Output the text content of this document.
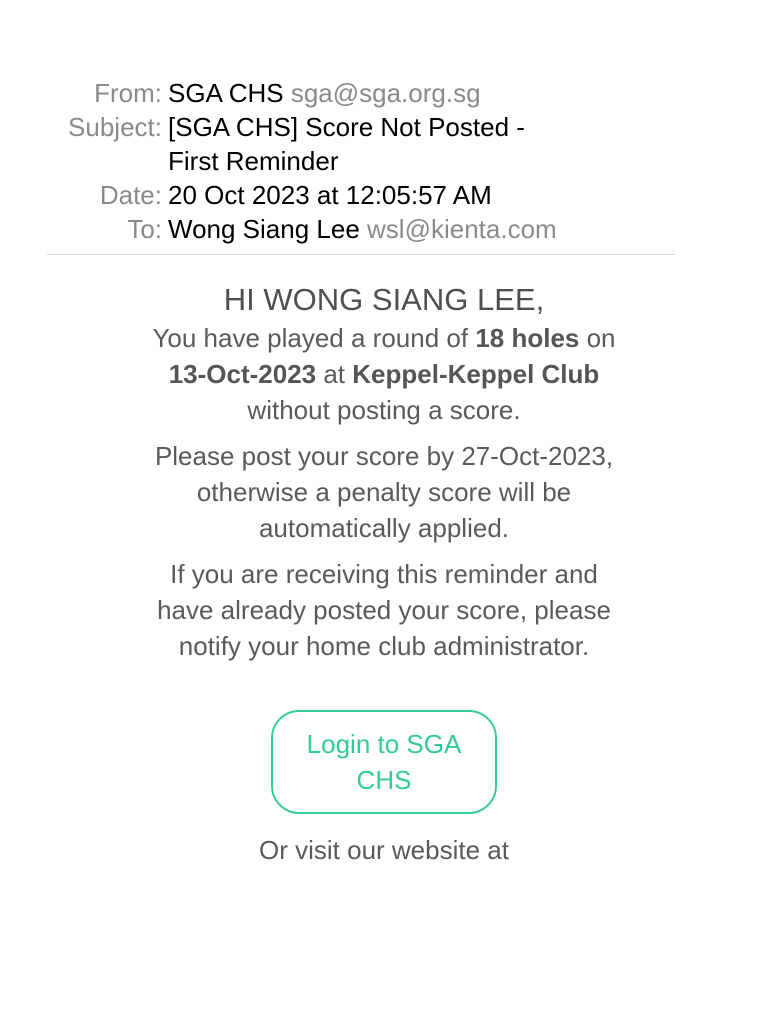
From: SGA CHS sga@sga.org.sg
Subject: [SGA CHS] Score Not Posted - First Reminder
Date: 20 Oct 2023 at 12:05:57 AM
To: Wong Siang Lee wsl@kienta.com
HI WONG SIANG LEE,

You have played a round of 18 holes on 13-Oct-2023 at Keppel-Keppel Club without posting a score.

Please post your score by 27-Oct-2023, otherwise a penalty score will be automatically applied.

If you are receiving this reminder and have already posted your score, please notify your home club administrator.

Login to SGA CHS
Or visit our website at
